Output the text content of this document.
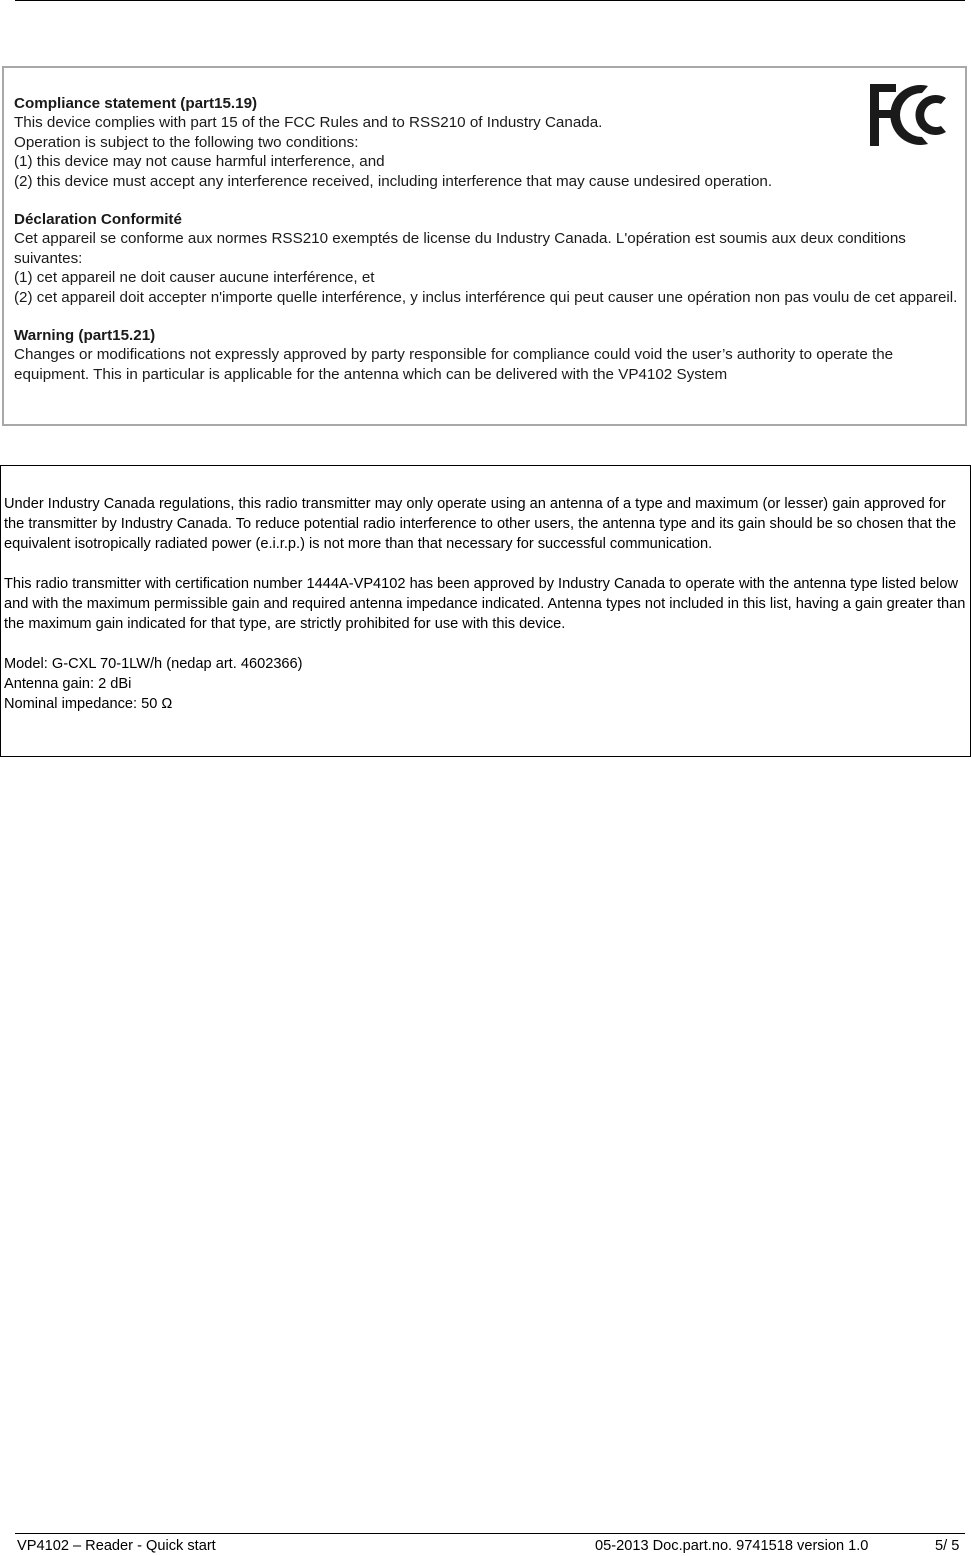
Compliance statement (part15.19)
This device complies with part 15 of the FCC Rules and to RSS210 of Industry Canada.
Operation is subject to the following two conditions:
(1) this device may not cause harmful interference, and
(2) this device must accept any interference received, including interference that may cause undesired operation.
Déclaration Conformité
Cet appareil se conforme aux normes RSS210 exemptés de license du Industry Canada. L'opération est soumis aux deux conditions suivantes:
(1) cet appareil ne doit causer aucune interférence, et
(2) cet appareil doit accepter n'importe quelle interférence, y inclus interférence qui peut causer une opération non pas voulu de cet appareil.
Warning (part15.21)
Changes or modifications not expressly approved by party responsible for compliance could void the user’s authority to operate the equipment. This in particular is applicable for the antenna which can be delivered with the VP4102 System

Under Industry Canada regulations, this radio transmitter may only operate using an antenna of a type and maximum (or lesser) gain approved for the transmitter by Industry Canada. To reduce potential radio interference to other users, the antenna type and its gain should be so chosen that the equivalent isotropically radiated power (e.i.r.p.) is not more than that necessary for successful communication.

This radio transmitter with certification number 1444A-VP4102 has been approved by Industry Canada to operate with the antenna type listed below and with the maximum permissible gain and required antenna impedance indicated. Antenna types not included in this list, having a gain greater than the maximum gain indicated for that type, are strictly prohibited for use with this device.

Model: G-CXL 70-1LW/h (nedap art. 4602366)
Antenna gain: 2 dBi
Nominal impedance: 50 Ω
VP4102 – Reader - Quick start	05-2013 Doc.part.no. 9741518 version 1.0	5/ 5
